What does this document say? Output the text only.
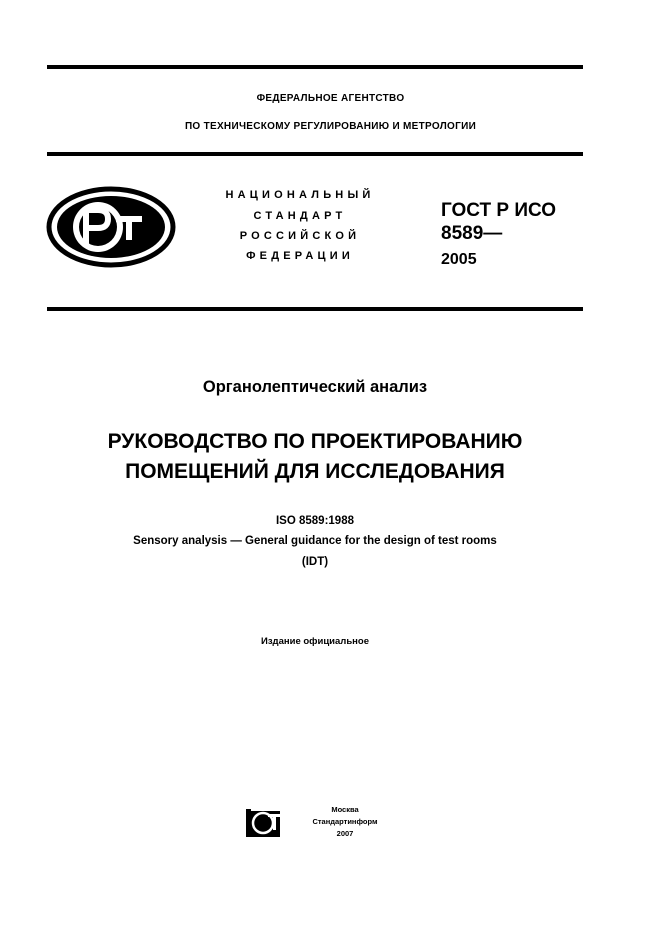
ФЕДЕРАЛЬНОЕ АГЕНТСТВО
ПО ТЕХНИЧЕСКОМУ РЕГУЛИРОВАНИЮ И МЕТРОЛОГИИ
НАЦИОНАЛЬНЫЙ
СТАНДАРТ
РОССИЙСКОЙ
ФЕДЕРАЦИИ
ГОСТ Р ИСО
8589—
2005
Органолептический анализ
РУКОВОДСТВО ПО ПРОЕКТИРОВАНИЮ
ПОМЕЩЕНИЙ ДЛЯ ИССЛЕДОВАНИЯ
ISO 8589:1988
Sensory analysis — General guidance for the design of test rooms
(IDT)
Издание официальное
Москва
Стандартинформ
2007
